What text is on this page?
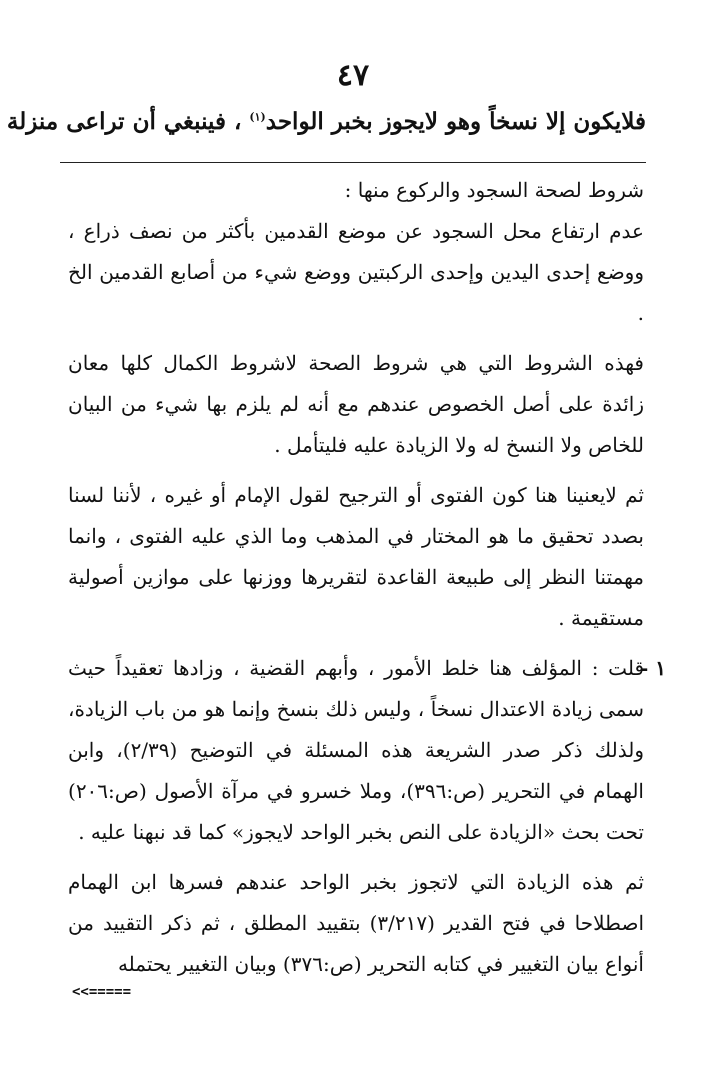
٤٧
فلايكون إلا نسخاً وهو لايجوز بخبر الواحد$^{(١)}$ ، فينبغي أن تراعى منزلة

شروط لصحة السجود والركوع منها :

عدم ارتفاع محل السجود عن موضع القدمين بأكثر من نصف ذراع ، ووضع إحدى اليدين وإحدى الركبتين ووضع شيء من أصابع القدمين الخ .

فهذه الشروط التي هي شروط الصحة لاشروط الكمال كلها معان زائدة على أصل الخصوص عندهم مع أنه لم يلزم بها شيء من البيان للخاص ولا النسخ له ولا الزيادة عليه فليتأمل .

ثم لايعنينا هنا كون الفتوى أو الترجيح لقول الإمام أو غيره ، لأننا لسنا بصدد تحقيق ما هو المختار في المذهب وما الذي عليه الفتوى ، وانما مهمتنا النظر إلى طبيعة القاعدة لتقريرها ووزنها على موازين أصولية مستقيمة .

١ -

قلت : المؤلف هنا خلط الأمور ، وأبهم القضية ، وزادها تعقيداً حيث سمى زيادة الاعتدال نسخاً ، وليس ذلك بنسخ وإنما هو من باب الزيادة، ولذلك ذكر صدر الشريعة هذه المسئلة في التوضيح (٢/٣٩)، وابن الهمام في التحرير (ص:٣٩٦)، وملا خسرو في مرآة الأصول (ص:٢٠٦) تحت بحث «الزيادة على النص بخبر الواحد لايجوز» كما قد نبهنا عليه .

ثم هذه الزيادة التي لاتجوز بخبر الواحد عندهم فسرها ابن الهمام اصطلاحا في فتح القدير (٣/٢١٧) بتقييد المطلق ، ثم ذكر التقييد من أنواع بيان التغيير في كتابه التحرير (ص:٣٧٦) وبيان التغيير يحتمله

<<=====
